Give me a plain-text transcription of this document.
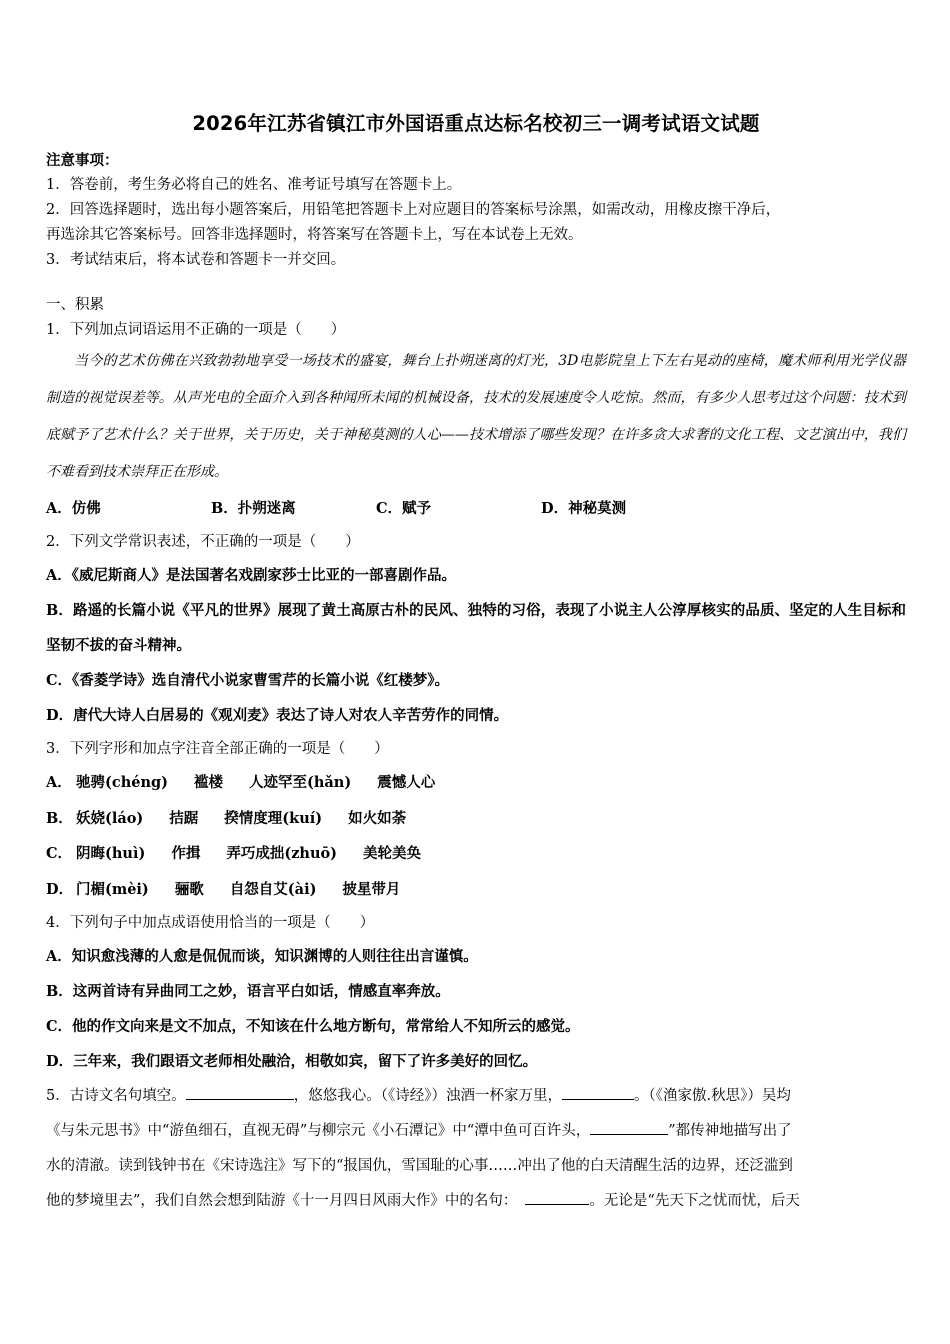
2026年江苏省镇江市外国语重点达标名校初三一调考试语文试题
注意事项：
1．答卷前，考生务必将自己的姓名、准考证号填写在答题卡上。
2．回答选择题时，选出每小题答案后，用铅笔把答题卡上对应题目的答案标号涂黑，如需改动，用橡皮擦干净后，
再选涂其它答案标号。回答非选择题时，将答案写在答题卡上，写在本试卷上无效。
3．考试结束后，将本试卷和答题卡一并交回。
一、积累
1．下列加点词语运用不正确的一项是（　　）
当今的艺术仿佛在兴致勃勃地享受一场技术的盛宴，舞台上扑朔迷离的灯光，3D电影院皇上下左右晃动的座椅，魔术师利用光学仪器制造的视觉误差等。从声光电的全面介入到各种闻所未闻的机械设备，技术的发展速度令人吃惊。然而，有多少人思考过这个问题：技术到底赋予了艺术什么？关于世界，关于历史，关于神秘莫测的人心——技术增添了哪些发现？在许多贪大求奢的文化工程、文艺演出中，我们不难看到技术崇拜正在形成。
A．仿佛	B．扑朔迷离	C．赋予	D．神秘莫测
2．下列文学常识表述，不正确的一项是（　　）
A．《威尼斯商人》是法国著名戏剧家莎士比亚的一部喜剧作品。
B．路遥的长篇小说《平凡的世界》展现了黄土高原古朴的民风、独特的习俗，表现了小说主人公淳厚核实的品质、坚定的人生目标和坚韧不拔的奋斗精神。
C．《香菱学诗》选自清代小说家曹雪芹的长篇小说《红楼梦》。
D．唐代大诗人白居易的《观刈麦》表达了诗人对农人辛苦劳作的同情。
3．下列字形和加点字注音全部正确的一项是（　　）
A． 驰骋(chéng) 褴楼 人迹罕至(hǎn) 震憾人心
B． 妖娆(láo) 拮踞 揆情度理(kuí) 如火如荼
C． 阴晦(huì) 作揖 弄巧成拙(zhuō) 美轮美奂
D． 门楣(mèi) 骊歌 自怨自艾(ài) 披星带月
4．下列句子中加点成语使用恰当的一项是（　　）
A．知识愈浅薄的人愈是侃侃而谈，知识渊博的人则往往出言谨慎。
B．这两首诗有异曲同工之妙，语言平白如话，情感直率奔放。
C．他的作文向来是文不加点，不知该在什么地方断句，常常给人不知所云的感觉。
D．三年来，我们跟语文老师相处融洽，相敬如宾，留下了许多美好的回忆。
5．古诗文名句填空。	，悠悠我心。（《诗经》）浊酒一杯家万里，	。（《渔家傲.秋思》）吴均
《与朱元思书》中“游鱼细石，直视无碍”与柳宗元《小石潭记》中“潭中鱼可百许头，	”都传神地描写出了
水的清澈。读到钱钟书在《宋诗选注》写下的“报国仇，雪国耻的心事……冲出了他的白天清醒生活的边界，还泛滥到
他的梦境里去”，我们自然会想到陆游《十一月四日风雨大作》中的名句：	。无论是“先天下之忧而忧，后天
